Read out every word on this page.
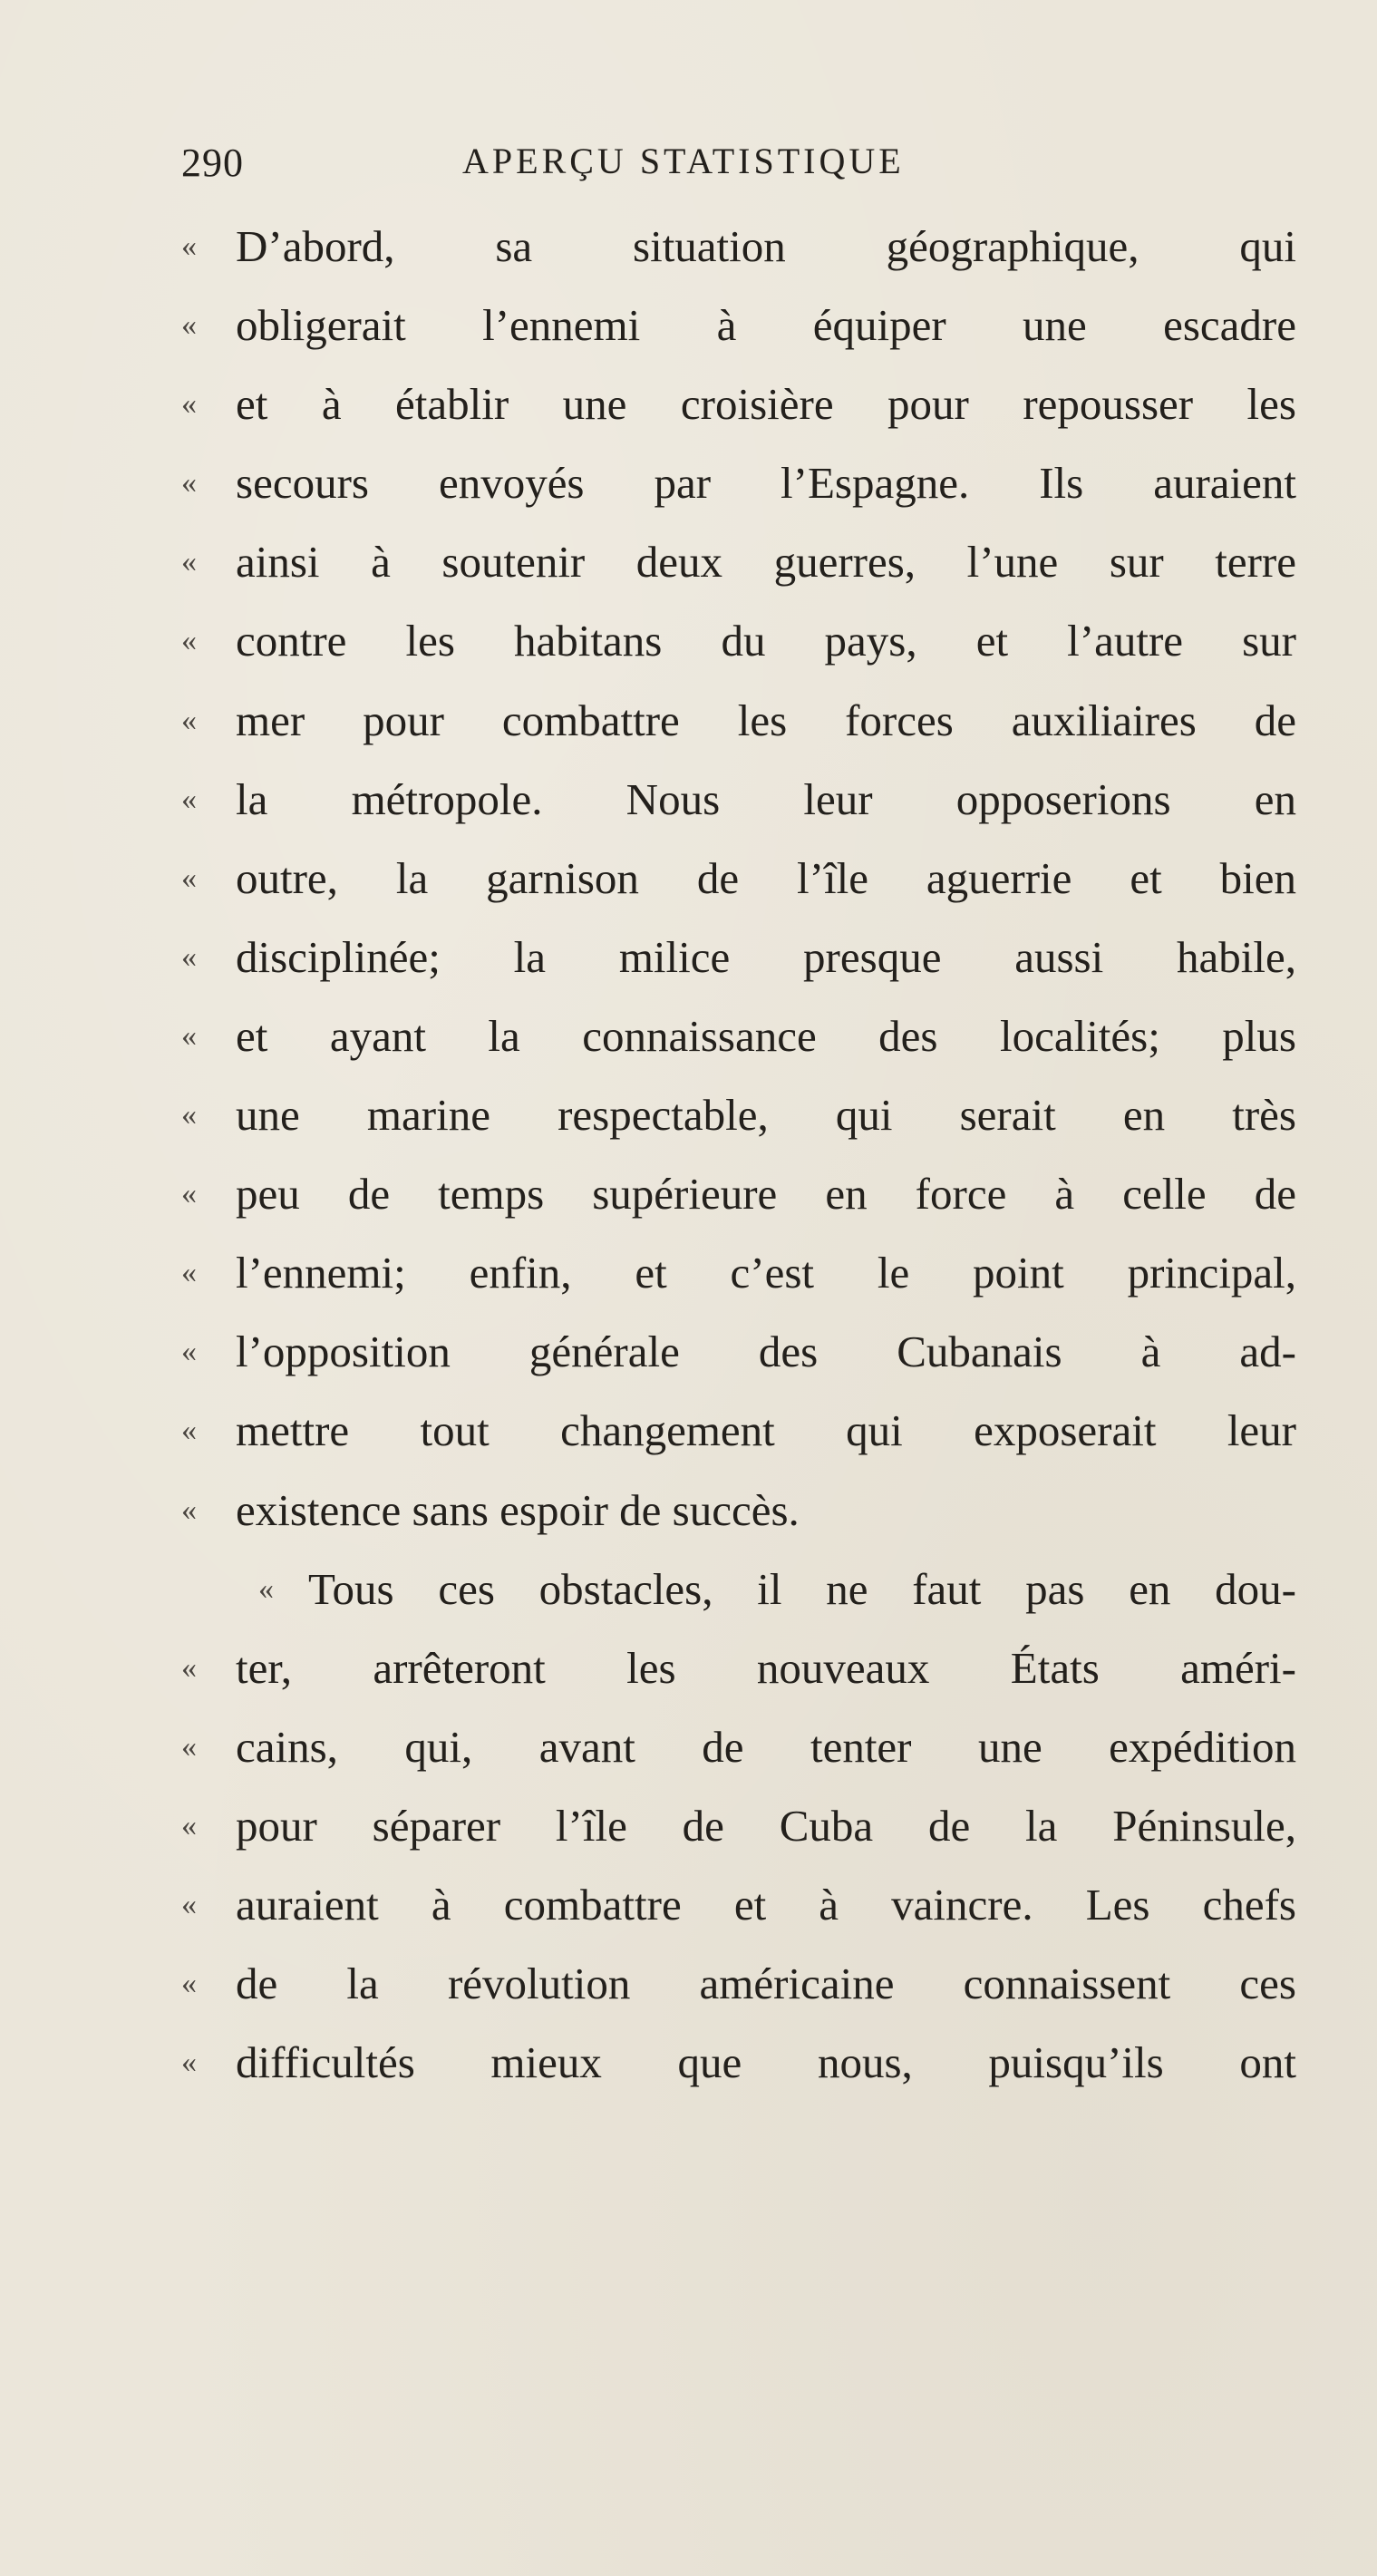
290	APERÇU STATISTIQUE
« D’abord, sa situation géographique, qui
« obligerait l’ennemi à équiper une escadre
« et à établir une croisière pour repousser les
« secours envoyés par l’Espagne. Ils auraient
« ainsi à soutenir deux guerres, l’une sur terre
« contre les habitans du pays, et l’autre sur
« mer pour combattre les forces auxiliaires de
« la métropole. Nous leur opposerions en
« outre, la garnison de l’île aguerrie et bien
« disciplinée; la milice presque aussi habile,
« et ayant la connaissance des localités; plus
« une marine respectable, qui serait en très
« peu de temps supérieure en force à celle de
« l’ennemi; enfin, et c’est le point principal,
« l’opposition générale des Cubanais à ad-
« mettre tout changement qui exposerait leur
« existence sans espoir de succès.
« Tous ces obstacles, il ne faut pas en dou-
« ter, arrêteront les nouveaux États améri-
« cains, qui, avant de tenter une expédition
« pour séparer l’île de Cuba de la Péninsule,
« auraient à combattre et à vaincre. Les chefs
« de la révolution américaine connaissent ces
« difficultés mieux que nous, puisqu’ils ont
